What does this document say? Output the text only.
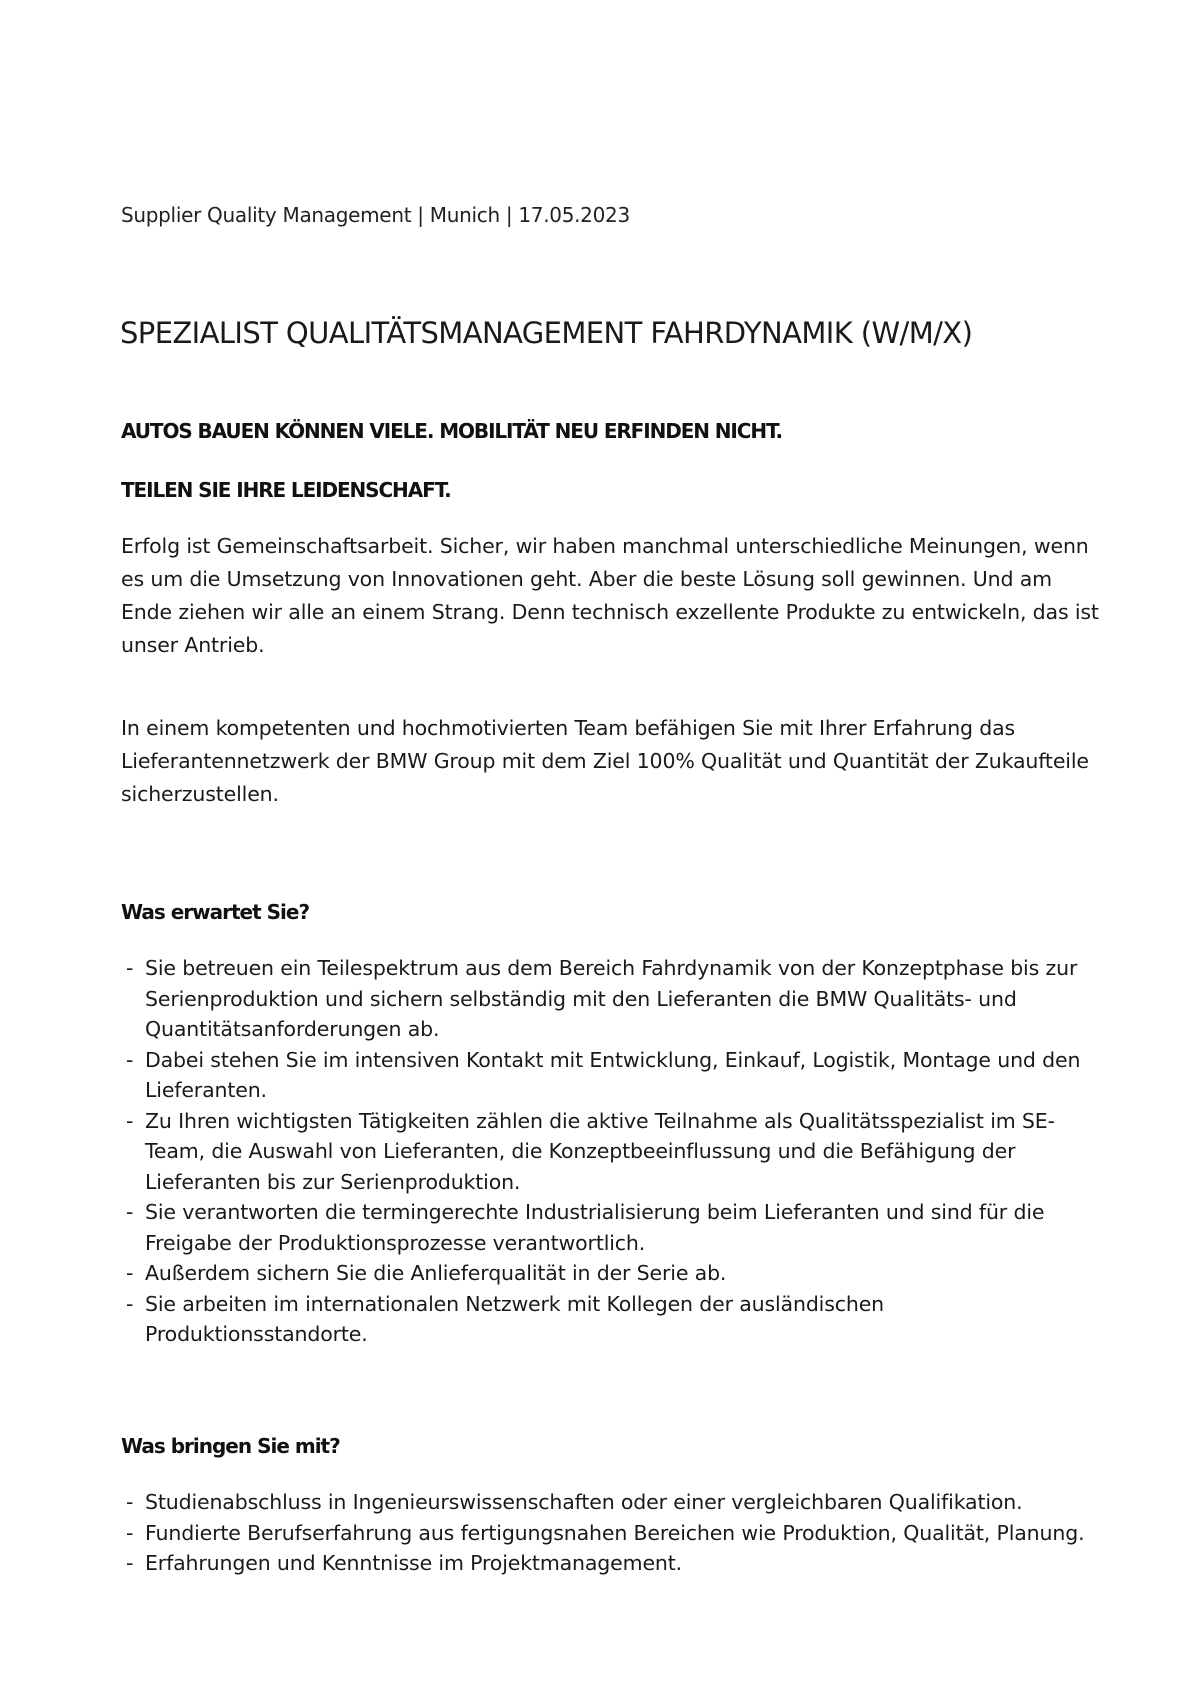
Supplier Quality Management | Munich | 17.05.2023
SPEZIALIST QUALITÄTSMANAGEMENT FAHRDYNAMIK (W/M/X)
AUTOS BAUEN KÖNNEN VIELE. MOBILITÄT NEU ERFINDEN NICHT.
TEILEN SIE IHRE LEIDENSCHAFT.

Erfolg ist Gemeinschaftsarbeit. Sicher, wir haben manchmal unterschiedliche Meinungen, wenn es um die Umsetzung von Innovationen geht. Aber die beste Lösung soll gewinnen. Und am Ende ziehen wir alle an einem Strang. Denn technisch exzellente Produkte zu entwickeln, das ist unser Antrieb.

In einem kompetenten und hochmotivierten Team befähigen Sie mit Ihrer Erfahrung das Lieferantennetzwerk der BMW Group mit dem Ziel 100% Qualität und Quantität der Zukaufteile sicherzustellen.

Was erwartet Sie?
- Sie betreuen ein Teilespektrum aus dem Bereich Fahrdynamik von der Konzeptphase bis zur Serienproduktion und sichern selbständig mit den Lieferanten die BMW Qualitäts- und Quantitätsanforderungen ab.
- Dabei stehen Sie im intensiven Kontakt mit Entwicklung, Einkauf, Logistik, Montage und den Lieferanten.
- Zu Ihren wichtigsten Tätigkeiten zählen die aktive Teilnahme als Qualitätsspezialist im SE-Team, die Auswahl von Lieferanten, die Konzeptbeeinflussung und die Befähigung der Lieferanten bis zur Serienproduktion.
- Sie verantworten die termingerechte Industrialisierung beim Lieferanten und sind für die Freigabe der Produktionsprozesse verantwortlich.
- Außerdem sichern Sie die Anlieferqualität in der Serie ab.
- Sie arbeiten im internationalen Netzwerk mit Kollegen der ausländischen Produktionsstandorte.
Was bringen Sie mit?
- Studienabschluss in Ingenieurswissenschaften oder einer vergleichbaren Qualifikation.
- Fundierte Berufserfahrung aus fertigungsnahen Bereichen wie Produktion, Qualität, Planung.
- Erfahrungen und Kenntnisse im Projektmanagement.
